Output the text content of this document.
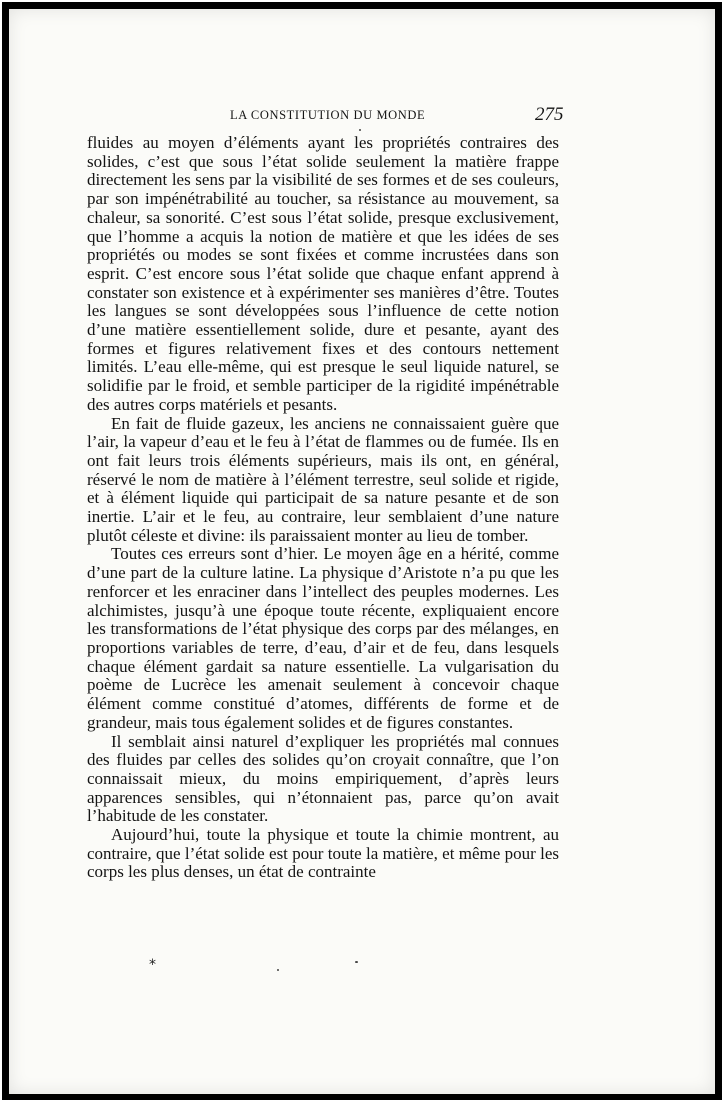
LA CONSTITUTION DU MONDE	275

fluides au moyen d’éléments ayant les propriétés contraires des solides, c’est que sous l’état solide seulement la matière frappe directement les sens par la visibilité de ses formes et de ses couleurs, par son impénétrabilité au toucher, sa résistance au mouvement, sa chaleur, sa sonorité. C’est sous l’état solide, presque exclusivement, que l’homme a acquis la notion de matière et que les idées de ses propriétés ou modes se sont fixées et comme incrustées dans son esprit. C’est encore sous l’état solide que chaque enfant apprend à constater son existence et à expérimenter ses manières d’être. Toutes les langues se sont développées sous l’influence de cette notion d’une matière essentiellement solide, dure et pesante, ayant des formes et figures relativement fixes et des contours nettement limités. L’eau elle-même, qui est presque le seul liquide naturel, se solidifie par le froid, et semble participer de la rigidité impénétrable des autres corps matériels et pesants.

En fait de fluide gazeux, les anciens ne connaissaient guère que l’air, la vapeur d’eau et le feu à l’état de flammes ou de fumée. Ils en ont fait leurs trois éléments supérieurs, mais ils ont, en général, réservé le nom de matière à l’élément terrestre, seul solide et rigide, et à élément liquide qui participait de sa nature pesante et de son inertie. L’air et le feu, au contraire, leur semblaient d’une nature plutôt céleste et divine: ils paraissaient monter au lieu de tomber.

Toutes ces erreurs sont d’hier. Le moyen âge en a hérité, comme d’une part de la culture latine. La physique d’Aristote n’a pu que les renforcer et les enraciner dans l’intellect des peuples modernes. Les alchimistes, jusqu’à une époque toute récente, expliquaient encore les transformations de l’état physique des corps par des mélanges, en proportions variables de terre, d’eau, d’air et de feu, dans lesquels chaque élément gardait sa nature essentielle. La vulgarisation du poème de Lucrèce les amenait seulement à concevoir chaque élément comme constitué d’atomes, différents de forme et de grandeur, mais tous également solides et de figures constantes.

Il semblait ainsi naturel d’expliquer les propriétés mal connues des fluides par celles des solides qu’on croyait connaître, que l’on connaissait mieux, du moins empiriquement, d’après leurs apparences sensibles, qui n’étonnaient pas, parce qu’on avait l’habitude de les constater.

Aujourd’hui, toute la physique et toute la chimie montrent, au contraire, que l’état solide est pour toute la matière, et même pour les corps les plus denses, un état de contrainte

*
